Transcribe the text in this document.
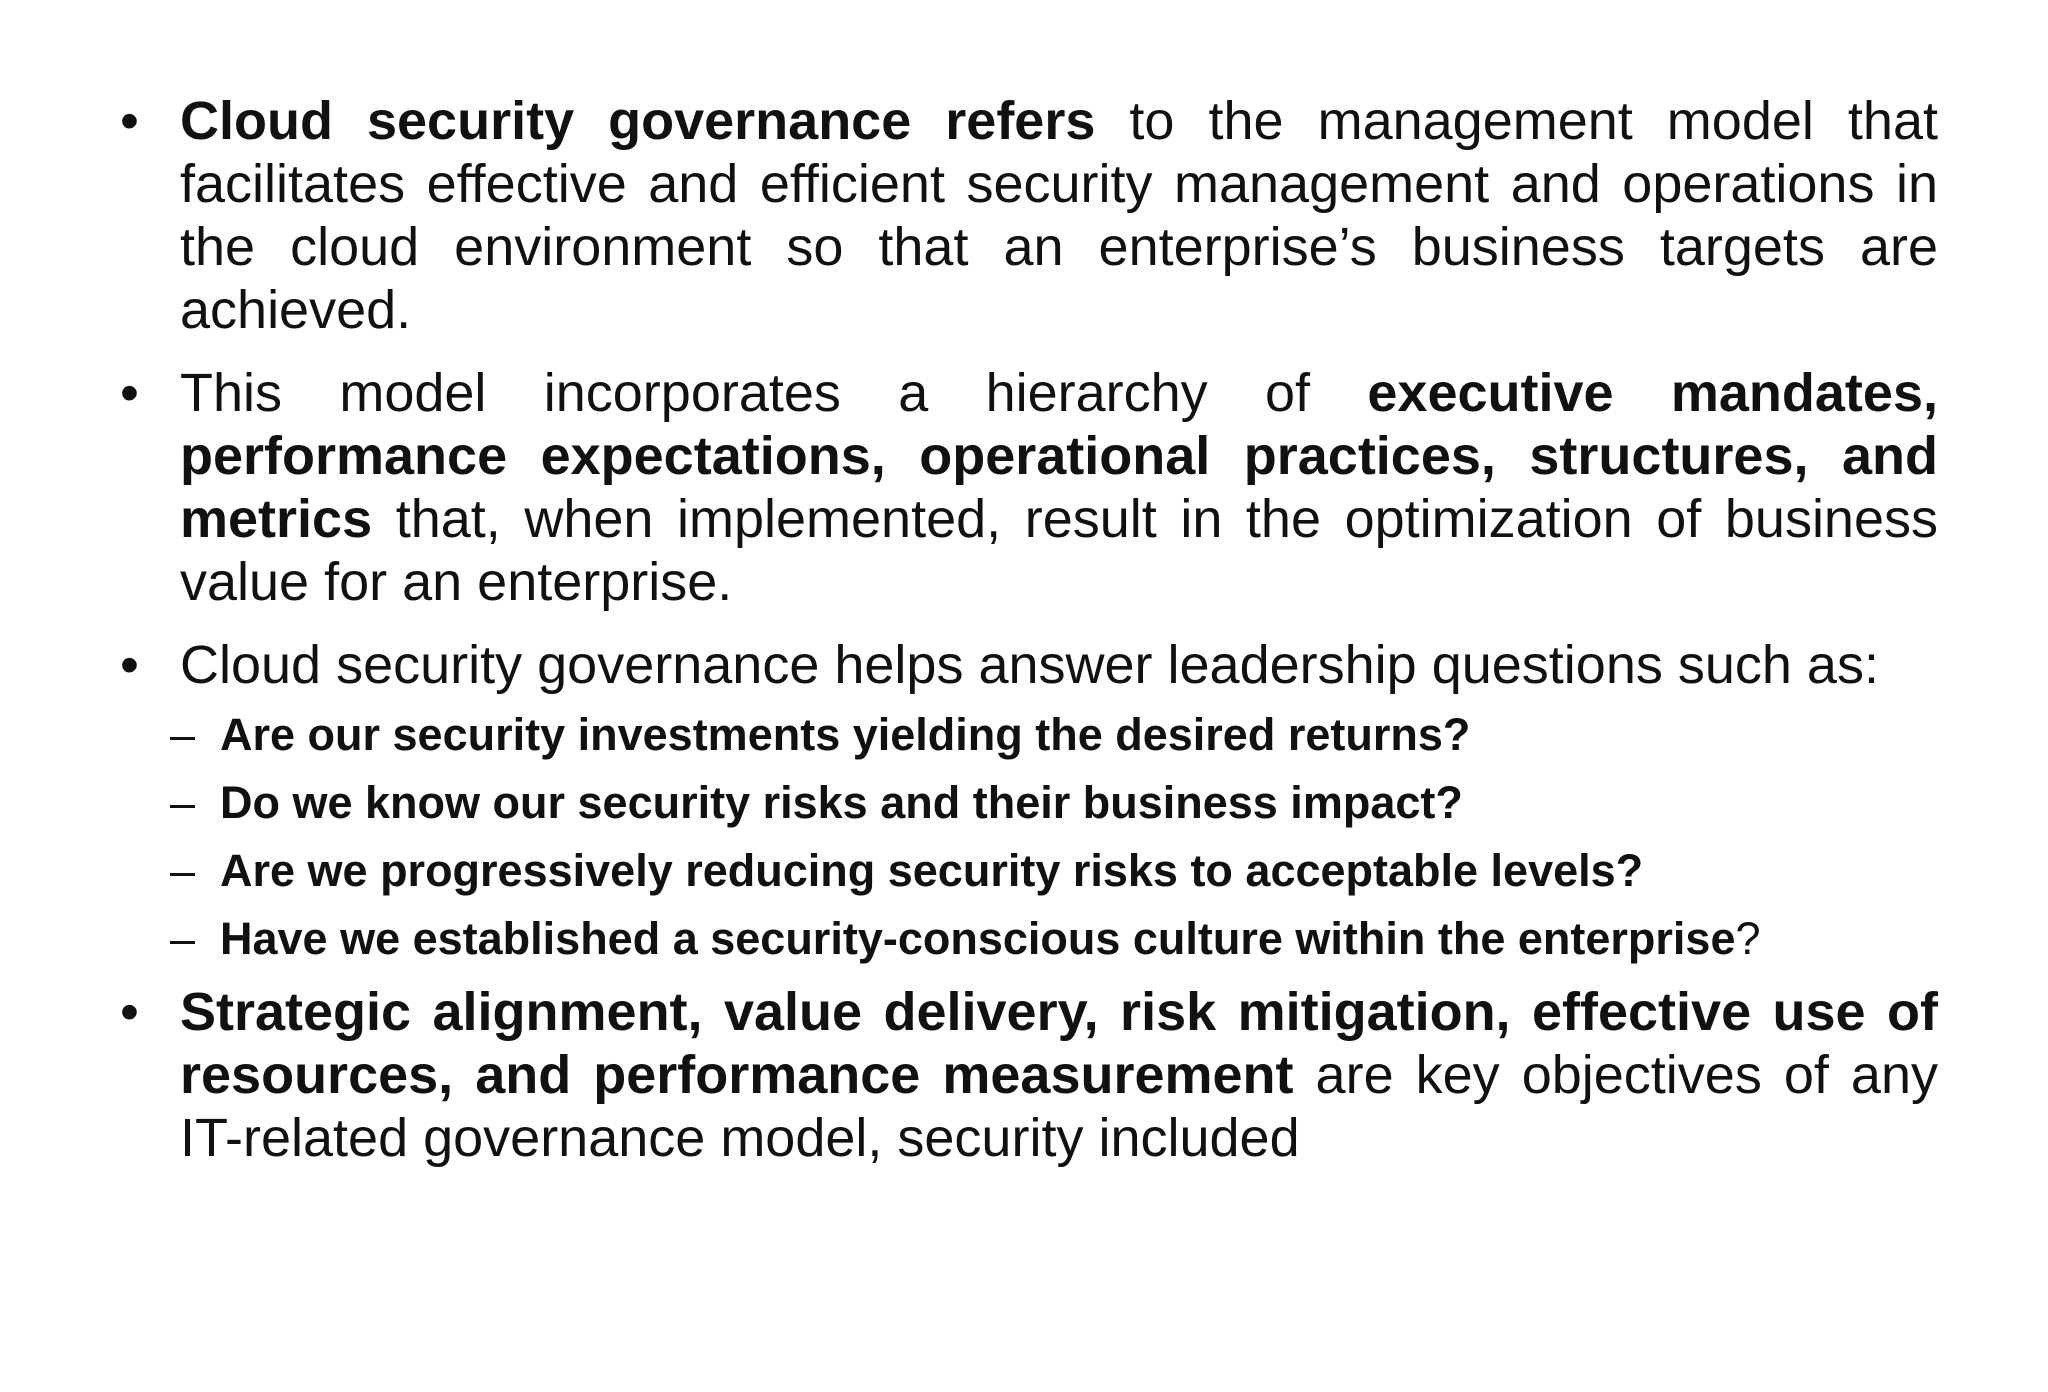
• Cloud security governance refers to the management model that facilitates effective and efficient security management and operations in the cloud environment so that an enterprise’s business targets are achieved.
• This model incorporates a hierarchy of executive mandates, performance expectations, operational practices, structures, and metrics that, when implemented, result in the optimization of business value for an enterprise.
• Cloud security governance helps answer leadership questions such as:
– Are our security investments yielding the desired returns?
– Do we know our security risks and their business impact?
– Are we progressively reducing security risks to acceptable levels?
– Have we established a security-conscious culture within the enterprise?
• Strategic alignment, value delivery, risk mitigation, effective use of resources, and performance measurement are key objectives of any IT-related governance model, security included
